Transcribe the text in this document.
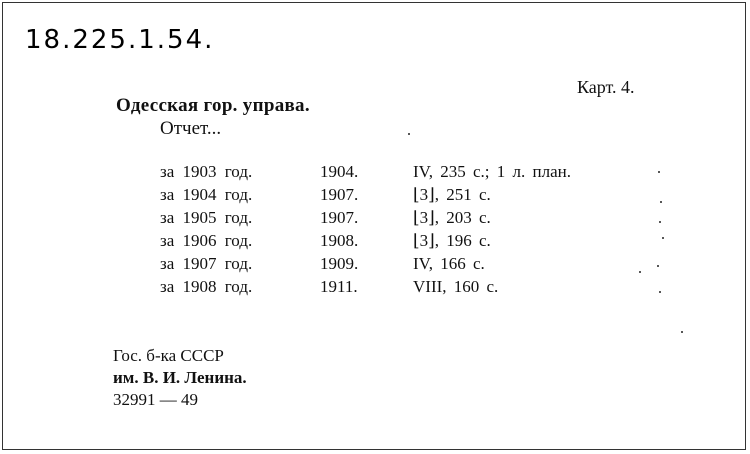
18.225.1.54.
Карт. 4.
Одесская гор. управа.
Отчет...
за 1903 год.	1904.	IV, 235 с.; 1 л. план.
за 1904 год.	1907.	⌊3⌋, 251 с.
за 1905 год.	1907.	⌊3⌋, 203 с.
за 1906 год.	1908.	⌊3⌋, 196 с.
за 1907 год.	1909.	IV, 166 с.
за 1908 год.	1911.	VIII, 160 с.
Гос. б-ка СССР
им. В. И. Ленина.
32991 — 49
